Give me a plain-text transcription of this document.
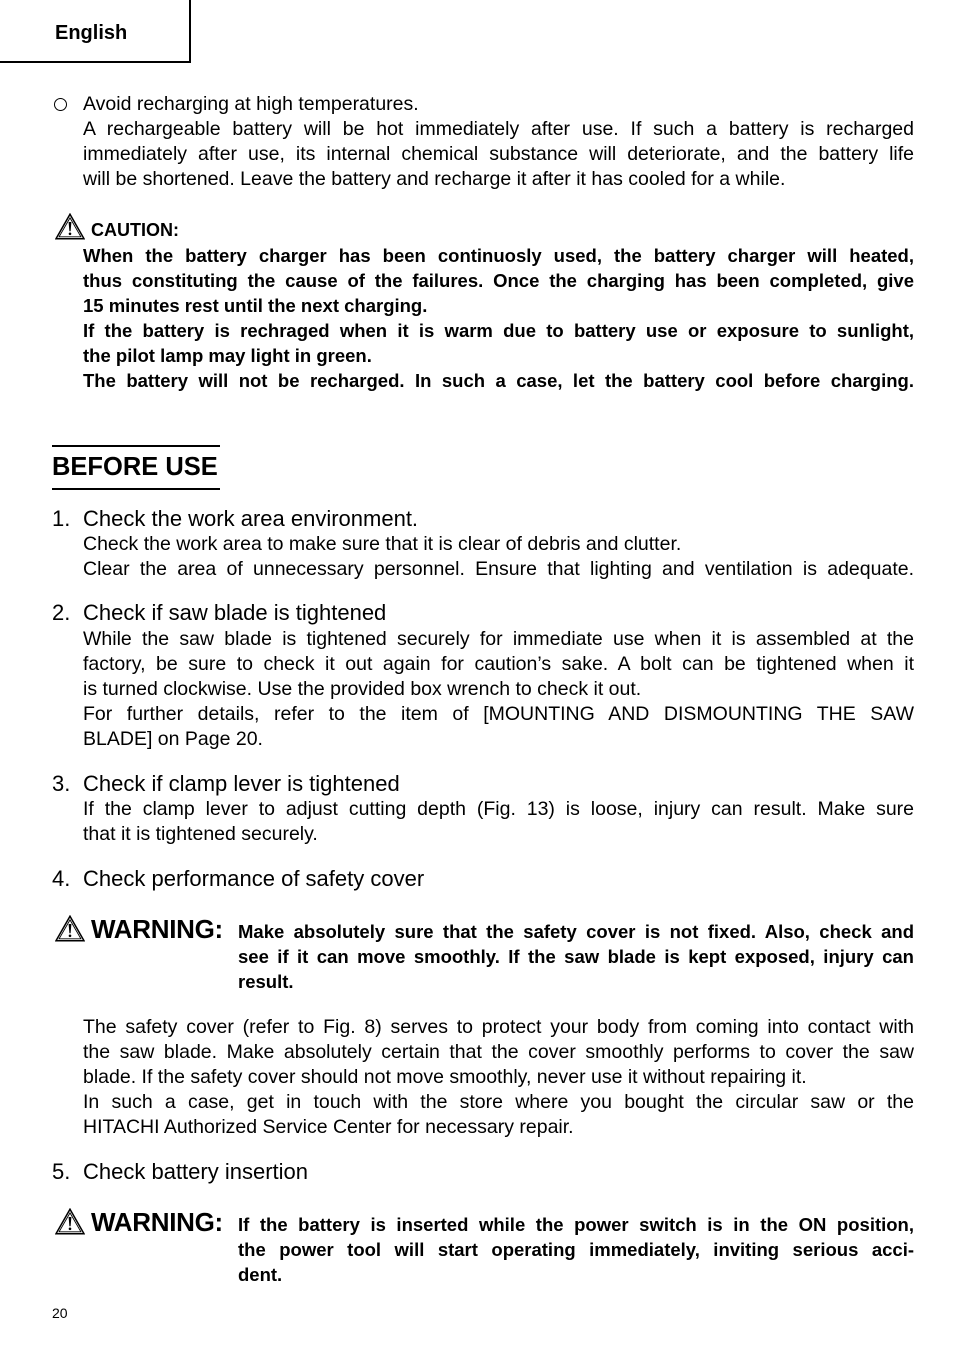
English
Avoid recharging at high temperatures.
A rechargeable battery will be hot immediately after use. If such a battery is recharged
immediately after use, its internal chemical substance will deteriorate, and the battery life
will be shortened. Leave the battery and recharge it after it has cooled for a while.
CAUTION:
When the battery charger has been continuosly used, the battery charger will heated,
thus constituting the cause of the failures. Once the charging has been completed, give
15 minutes rest until the next charging.
If the battery is rechraged when it is warm due to battery use or exposure to sunlight,
the pilot lamp may light in green.
The battery will not be recharged. In such a case, let the battery cool before charging.
BEFORE USE
1. Check the work area environment.
Check the work area to make sure that it is clear of debris and clutter.
Clear the area of unnecessary personnel. Ensure that lighting and ventilation is adequate.
2. Check if saw blade is tightened
While the saw blade is tightened securely for immediate use when it is assembled at the
factory, be sure to check it out again for caution’s sake. A bolt can be tightened when it
is turned clockwise. Use the provided box wrench to check it out.
For further details, refer to the item of [MOUNTING AND DISMOUNTING THE SAW
BLADE] on Page 20.
3. Check if clamp lever is tightened
If the clamp lever to adjust cutting depth (Fig. 13) is loose, injury can result. Make sure
that it is tightened securely.
4. Check performance of safety cover
WARNING: Make absolutely sure that the safety cover is not fixed. Also, check and
see if it can move smoothly. If the saw blade is kept exposed, injury can
result.
The safety cover (refer to Fig. 8) serves to protect your body from coming into contact with
the saw blade. Make absolutely certain that the cover smoothly performs to cover the saw
blade. If the safety cover should not move smoothly, never use it without repairing it.
In such a case, get in touch with the store where you bought the circular saw or the
HITACHI Authorized Service Center for necessary repair.
5. Check battery insertion
WARNING: If the battery is inserted while the power switch is in the ON position,
the power tool will start operating immediately, inviting serious acci-
dent.
20
